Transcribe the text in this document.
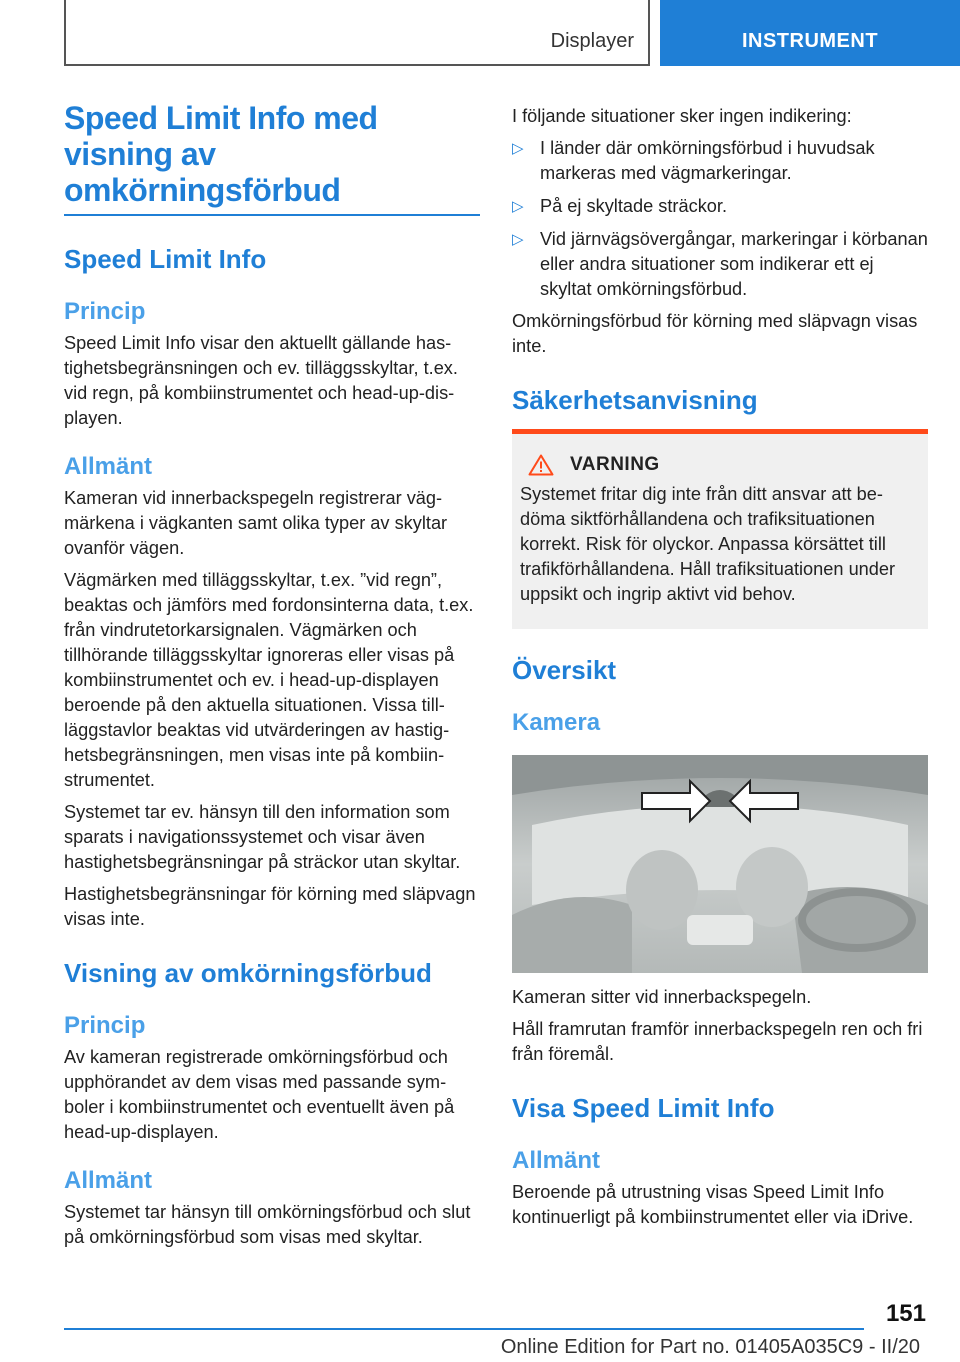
Displayer	INSTRUMENT
Speed Limit Info med
visning av
omkörningsförbud
Speed Limit Info
Princip

Speed Limit Info visar den aktuellt gällande hastighetsbegränsningen och ev. tilläggsskyltar, t.ex. vid regn, på kombiinstrumentet och head-up-displayen.

Allmänt

Kameran vid innerbackspegeln registrerar vägmärkena i vägkanten samt olika typer av skyltar ovanför vägen.

Vägmärken med tilläggsskyltar, t.ex. ”vid regn”, beaktas och jämförs med fordonsinterna data, t.ex. från vindrutetorkarsignalen. Vägmärken och tillhörande tilläggsskyltar ignoreras eller visas på kombiinstrumentet och ev. i head-up-displayen beroende på den aktuella situationen. Vissa tillläggstavlor beaktas vid utvärderingen av hastighetsbegränsningen, men visas inte på kombiinstrumentet.

Systemet tar ev. hänsyn till den information som sparats i navigationssystemet och visar även hastighetsbegränsningar på sträckor utan skyltar.

Hastighetsbegränsningar för körning med släpvagn visas inte.

Visning av omkörningsförbud
Princip

Av kameran registrerade omkörningsförbud och upphörandet av dem visas med passande symboler i kombiinstrumentet och eventuellt även på head-up-displayen.

Allmänt

Systemet tar hänsyn till omkörningsförbud och slut på omkörningsförbud som visas med skyltar.

I följande situationer sker ingen indikering:

▷ I länder där omkörningsförbud i huvudsak markeras med vägmarkeringar.
▷ På ej skyltade sträckor.
▷ Vid järnvägsövergångar, markeringar i körbanan eller andra situationer som indikerar ett ej skyltat omkörningsförbud.

Omkörningsförbud för körning med släpvagn visas inte.

Säkerhetsanvisning
VARNING

Systemet fritar dig inte från ditt ansvar att bedöma siktförhållandena och trafiksituationen korrekt. Risk för olyckor. Anpassa körsättet till trafikförhållandena. Håll trafiksituationen under uppsikt och ingrip aktivt vid behov.

Översikt
Kamera

Kameran sitter vid innerbackspegeln.

Håll framrutan framför innerbackspegeln ren och fri från föremål.

Visa Speed Limit Info
Allmänt

Beroende på utrustning visas Speed Limit Info kontinuerligt på kombiinstrumentet eller via iDrive.

151
Online Edition for Part no. 01405A035C9 - II/20
